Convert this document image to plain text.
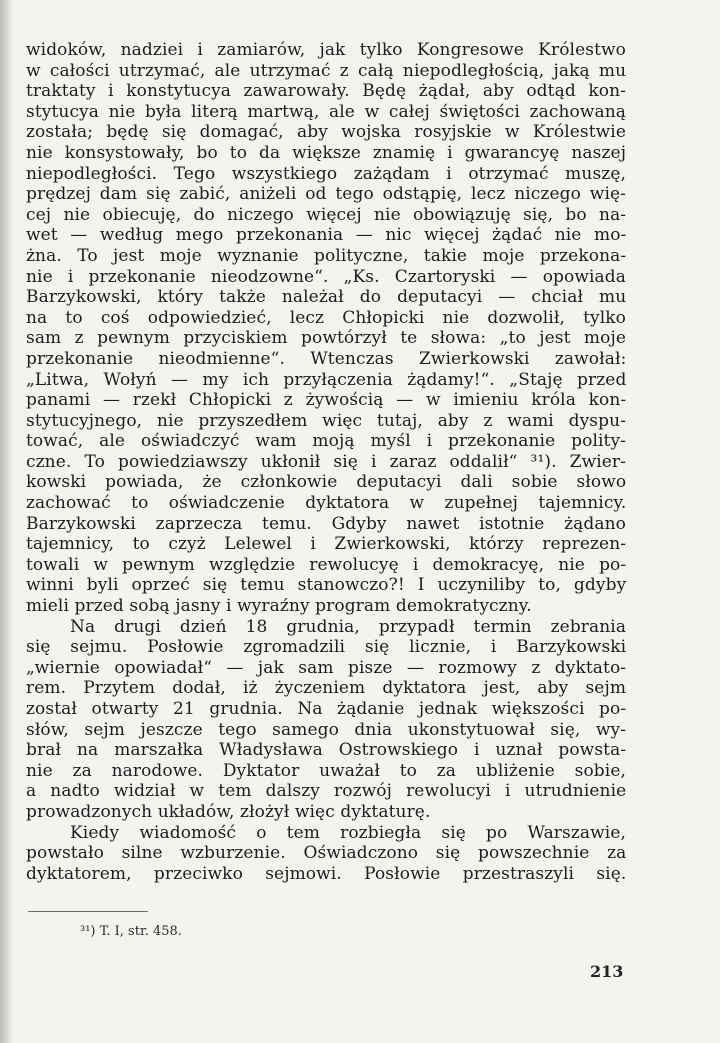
widoków, nadziei i zamiarów, jak tylko Kongresowe Królestwo
w całości utrzymać, ale utrzymać z całą niepodległością, jaką mu
traktaty i konstytucya zawarowały. Będę żądał, aby odtąd kon-
stytucya nie była literą martwą, ale w całej świętości zachowaną
została; będę się domagać, aby wojska rosyjskie w Królestwie
nie konsystowały, bo to da większe znamię i gwarancyę naszej
niepodległości. Tego wszystkiego zażądam i otrzymać muszę,
prędzej dam się zabić, aniżeli od tego odstąpię, lecz niczego wię-
cej nie obiecuję, do niczego więcej nie obowiązuję się, bo na-
wet — według mego przekonania — nic więcej żądać nie mo-
żna. To jest moje wyznanie polityczne, takie moje przekona-
nie i przekonanie nieodzowne“. „Ks. Czartoryski — opowiada
Barzykowski, który także należał do deputacyi — chciał mu
na to coś odpowiedzieć, lecz Chłopicki nie dozwolił, tylko
sam z pewnym przyciskiem powtórzył te słowa: „to jest moje
przekonanie nieodmienne“. Wtenczas Zwierkowski zawołał:
„Litwa, Wołyń — my ich przyłączenia żądamy!“. „Staję przed
panami — rzekł Chłopicki z żywością — w imieniu króla kon-
stytucyjnego, nie przyszedłem więc tutaj, aby z wami dyspu-
tować, ale oświadczyć wam moją myśl i przekonanie polity-
czne. To powiedziawszy ukłonił się i zaraz oddalił“ ³¹). Zwier-
kowski powiada, że członkowie deputacyi dali sobie słowo
zachować to oświadczenie dyktatora w zupełnej tajemnicy.
Barzykowski zaprzecza temu. Gdyby nawet istotnie żądano
tajemnicy, to czyż Lelewel i Zwierkowski, którzy reprezen-
towali w pewnym względzie rewolucyę i demokracyę, nie po-
winni byli oprzeć się temu stanowczo?! I uczyniliby to, gdyby
mieli przed sobą jasny i wyraźny program demokratyczny.
Na drugi dzień 18 grudnia, przypadł termin zebrania
się sejmu. Posłowie zgromadzili się licznie, i Barzykowski
„wiernie opowiadał“ — jak sam pisze — rozmowy z dyktato-
rem. Przytem dodał, iż życzeniem dyktatora jest, aby sejm
został otwarty 21 grudnia. Na żądanie jednak większości po-
słów, sejm jeszcze tego samego dnia ukonstytuował się, wy-
brał na marszałka Władysława Ostrowskiego i uznał powsta-
nie za narodowe. Dyktator uważał to za ubliżenie sobie,
a nadto widział w tem dalszy rozwój rewolucyi i utrudnienie
prowadzonych układów, złożył więc dyktaturę.
Kiedy wiadomość o tem rozbiegła się po Warszawie,
powstało silne wzburzenie. Oświadczono się powszechnie za
dyktatorem, przeciwko sejmowi. Posłowie przestraszyli się.
³¹) T. I, str. 458.
213
